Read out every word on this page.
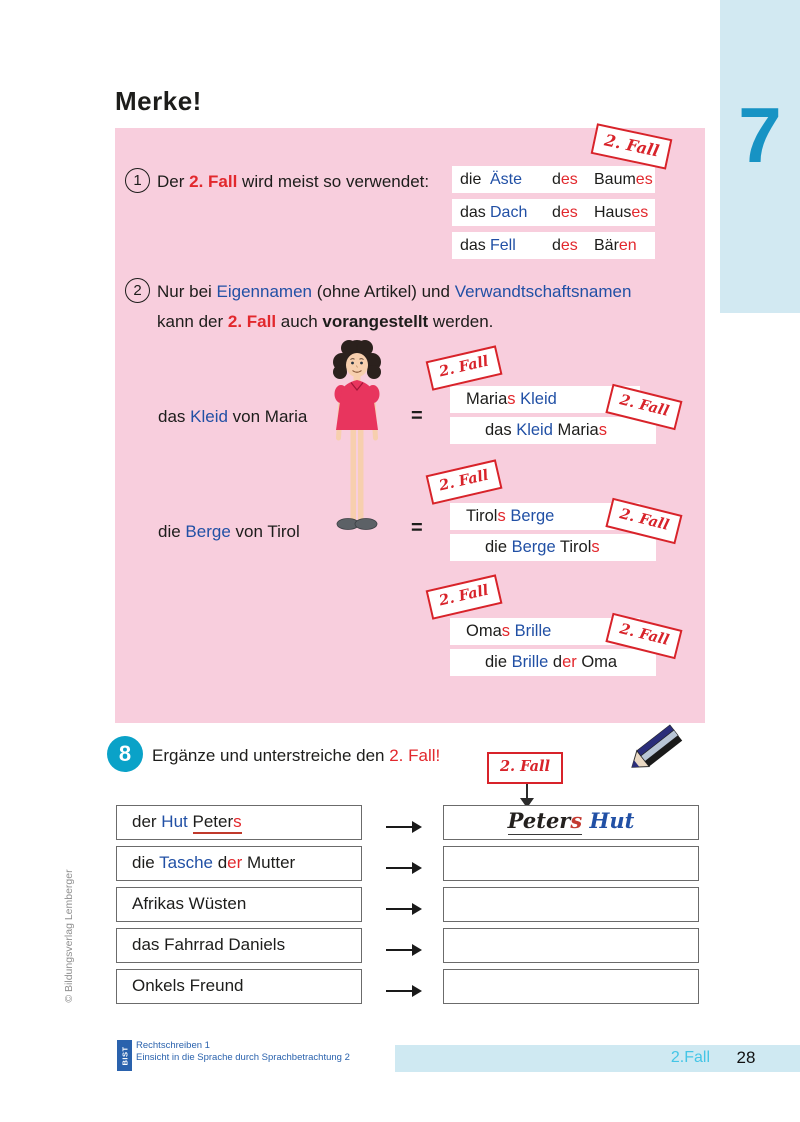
7
Merke!
1 Der 2. Fall wird meist so verwendet: die Äste	des	Baumes
das Dach	des	Hauses
das Fell	des	Bären
2. Fall
2 Nur bei Eigennamen (ohne Artikel) und Verwandtschaftsnamen
kann der 2. Fall auch vorangestellt werden.
das Kleid von Maria	=
Marias Kleid
das Kleid Marias
2. Fall
2. Fall
die Berge von Tirol	=
Tirols Berge
die Berge Tirols
2. Fall
2. Fall
Omas Brille
die Brille der Oma
2. Fall
2. Fall
8	Ergänze und unterstreiche den 2. Fall!
2. Fall
der Hut Peters	Peters Hut
die Tasche der Mutter
Afrikas Wüsten
das Fahrrad Daniels
Onkels Freund
© Bildungsverlag Lemberger
BIST
Rechtschreiben 1
Einsicht in die Sprache durch Sprachbetrachtung 2	2.Fall	28
